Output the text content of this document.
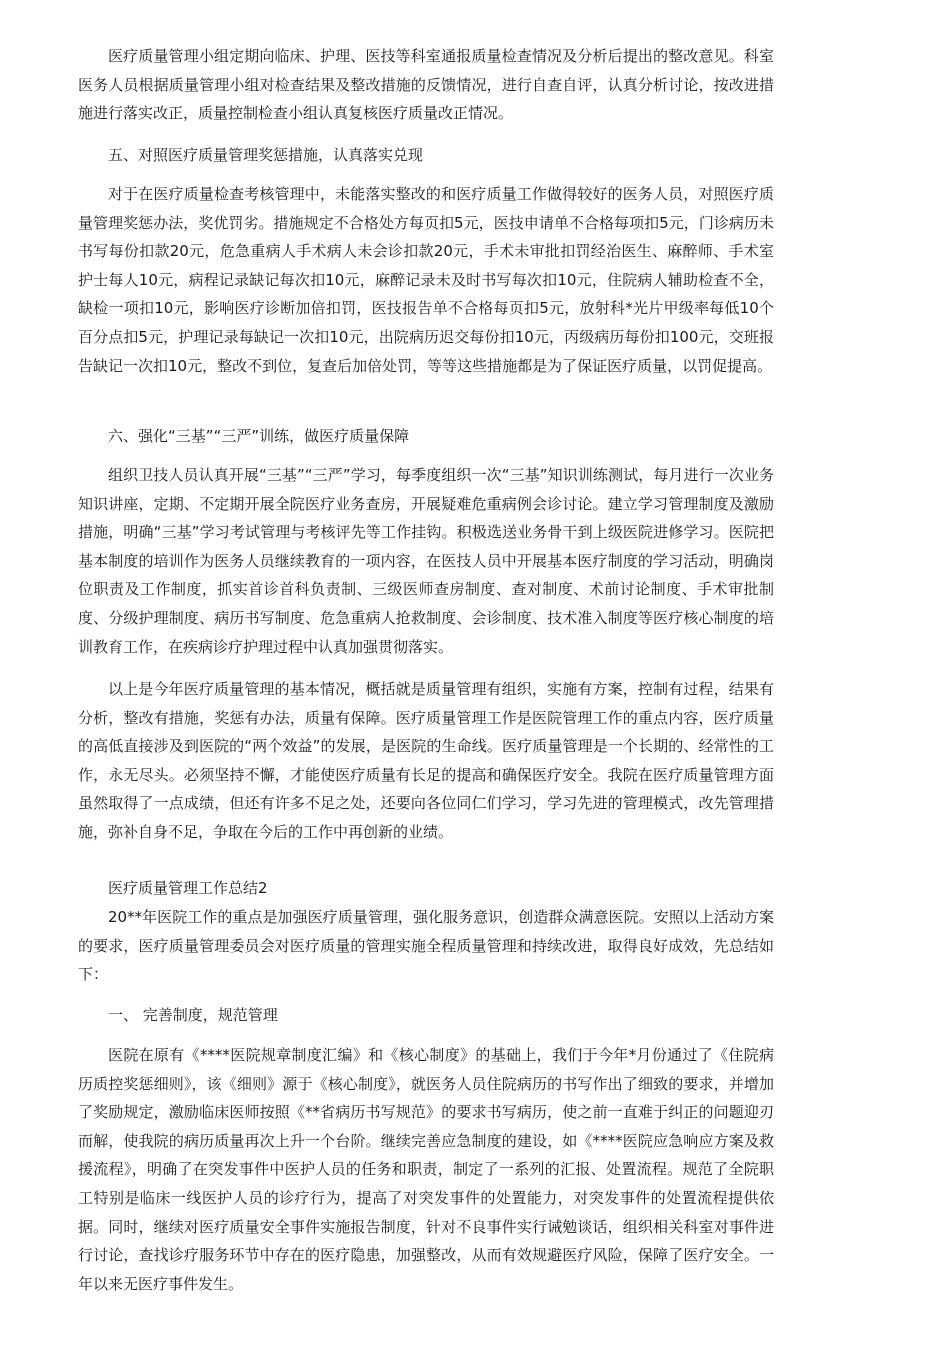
医疗质量管理小组定期向临床、护理、医技等科室通报质量检查情况及分析后提出的整改意见。科室医务人员根据质量管理小组对检查结果及整改措施的反馈情况，进行自查自评，认真分析讨论，按改进措施进行落实改正，质量控制检查小组认真复核医疗质量改正情况。

五、对照医疗质量管理奖惩措施，认真落实兑现

对于在医疗质量检查考核管理中，未能落实整改的和医疗质量工作做得较好的医务人员，对照医疗质量管理奖惩办法，奖优罚劣。措施规定不合格处方每页扣5元，医技申请单不合格每项扣5元，门诊病历未书写每份扣款20元，危急重病人手术病人未会诊扣款20元，手术未审批扣罚经治医生、麻醉师、手术室护士每人10元，病程记录缺记每次扣10元，麻醉记录未及时书写每次扣10元，住院病人辅助检查不全，缺检一项扣10元，影响医疗诊断加倍扣罚，医技报告单不合格每页扣5元，放射科*光片甲级率每低10个百分点扣5元，护理记录每缺记一次扣10元，出院病历迟交每份扣10元，丙级病历每份扣100元，交班报告缺记一次扣10元，整改不到位，复查后加倍处罚，等等这些措施都是为了保证医疗质量，以罚促提高。

六、强化“三基”“三严”训练，做医疗质量保障

组织卫技人员认真开展“三基”“三严”学习，每季度组织一次“三基”知识训练测试，每月进行一次业务知识讲座，定期、不定期开展全院医疗业务查房，开展疑难危重病例会诊讨论。建立学习管理制度及激励措施，明确“三基”学习考试管理与考核评先等工作挂钩。积极选送业务骨干到上级医院进修学习。医院把基本制度的培训作为医务人员继续教育的一项内容，在医技人员中开展基本医疗制度的学习活动，明确岗位职责及工作制度，抓实首诊首科负责制、三级医师查房制度、查对制度、术前讨论制度、手术审批制度、分级护理制度、病历书写制度、危急重病人抢救制度、会诊制度、技术准入制度等医疗核心制度的培训教育工作，在疾病诊疗护理过程中认真加强贯彻落实。

以上是今年医疗质量管理的基本情况，概括就是质量管理有组织，实施有方案，控制有过程，结果有分析，整改有措施，奖惩有办法，质量有保障。医疗质量管理工作是医院管理工作的重点内容，医疗质量的高低直接涉及到医院的“两个效益”的发展，是医院的生命线。医疗质量管理是一个长期的、经常性的工作，永无尽头。必须坚持不懈，才能使医疗质量有长足的提高和确保医疗安全。我院在医疗质量管理方面虽然取得了一点成绩，但还有许多不足之处，还要向各位同仁们学习，学习先进的管理模式，改先管理措施，弥补自身不足，争取在今后的工作中再创新的业绩。

医疗质量管理工作总结2

20**年医院工作的重点是加强医疗质量管理，强化服务意识，创造群众满意医院。安照以上活动方案的要求，医疗质量管理委员会对医疗质量的管理实施全程质量管理和持续改进，取得良好成效，先总结如下：

一、 完善制度，规范管理

医院在原有《****医院规章制度汇编》和《核心制度》的基础上，我们于今年*月份通过了《住院病历质控奖惩细则》，该《细则》源于《核心制度》，就医务人员住院病历的书写作出了细致的要求，并增加了奖励规定，激励临床医师按照《**省病历书写规范》的要求书写病历，使之前一直难于纠正的问题迎刃而解，使我院的病历质量再次上升一个台阶。继续完善应急制度的建设，如《****医院应急响应方案及救援流程》，明确了在突发事件中医护人员的任务和职责，制定了一系列的汇报、处置流程。规范了全院职工特别是临床一线医护人员的诊疗行为，提高了对突发事件的处置能力，对突发事件的处置流程提供依据。同时，继续对医疗质量安全事件实施报告制度，针对不良事件实行诫勉谈话，组织相关科室对事件进行讨论，查找诊疗服务环节中存在的医疗隐患，加强整改，从而有效规避医疗风险，保障了医疗安全。一年以来无医疗事件发生。
